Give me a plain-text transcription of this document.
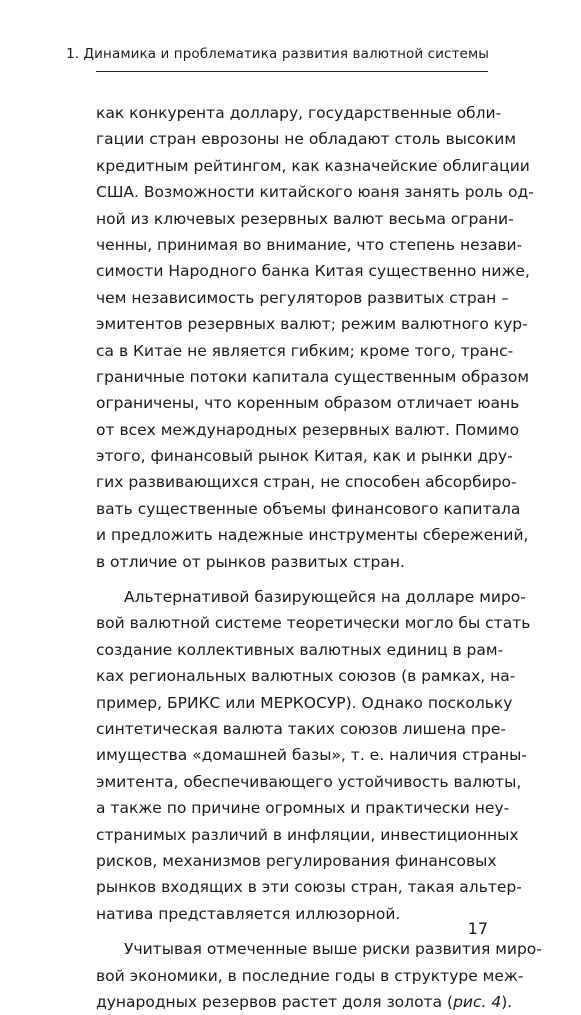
1. Динамика и проблематика развития валютной системы
как конкурента доллару, государственные обли-
гации стран еврозоны не обладают столь высоким
кредитным рейтингом, как казначейские облигации
США. Возможности китайского юаня занять роль од-
ной из ключевых резервных валют весьма ограни-
ченны, принимая во внимание, что степень незави-
симости Народного банка Китая существенно ниже,
чем независимость регуляторов развитых стран –
эмитентов резервных валют; режим валютного кур-
са в Китае не является гибким; кроме того, транс-
граничные потоки капитала существенным образом
ограничены, что коренным образом отличает юань
от всех международных резервных валют. Помимо
этого, финансовый рынок Китая, как и рынки дру-
гих развивающихся стран, не способен абсорбиро-
вать существенные объемы финансового капитала
и предложить надежные инструменты сбережений,
в отличие от рынков развитых стран.
Альтернативой базирующейся на долларе миро-
вой валютной системе теоретически могло бы стать
создание коллективных валютных единиц в рам-
ках региональных валютных союзов (в рамках, на-
пример, БРИКС или МЕРКОСУР). Однако поскольку
синтетическая валюта таких союзов лишена пре-
имущества «домашней базы», т. е. наличия страны-
эмитента, обеспечивающего устойчивость валюты,
а также по причине огромных и практически неу-
странимых различий в инфляции, инвестиционных
рисков, механизмов регулирования финансовых
рынков входящих в эти союзы стран, такая альтер-
натива представляется иллюзорной.
Учитывая отмеченные выше риски развития миро-
вой экономики, в последние годы в структуре меж-
дународных резервов растет доля золота (рис. 4).
17
